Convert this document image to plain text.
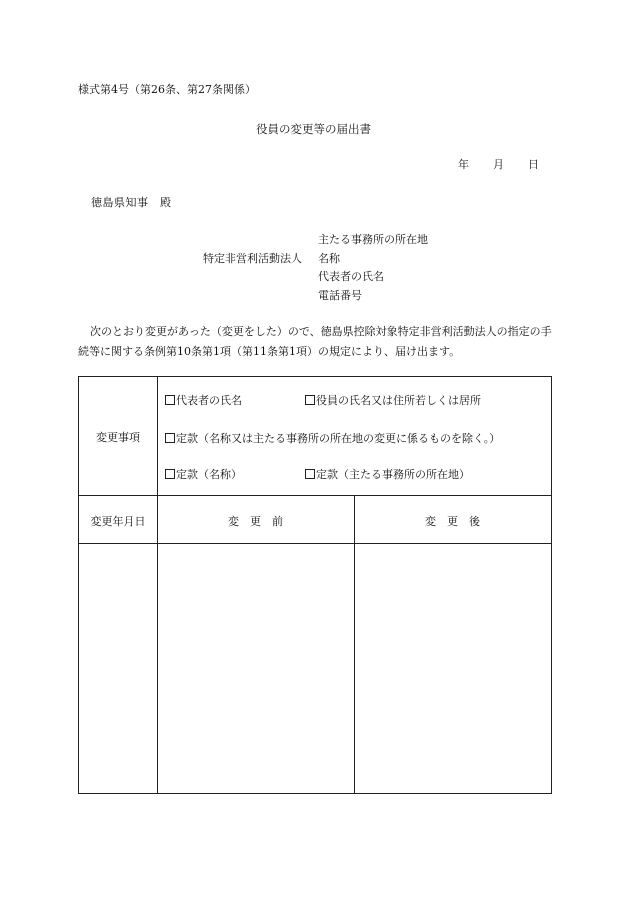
様式第4号（第26条、第27条関係）
役員の変更等の届出書
年 月 日
徳島県知事　殿
特定非営利活動法人
主たる事務所の所在地
名称
代表者の氏名
電話番号
次のとおり変更があった（変更をした）ので、徳島県控除対象特定非営利活動法人の指定の手続等に関する条例第10条第1項（第11条第1項）の規定により、届け出ます。
変更事項
代表者の氏名	役員の氏名又は住所若しくは居所
定款（名称又は主たる事務所の所在地の変更に係るものを除く。）
定款（名称）	定款（主たる事務所の所在地）
変更年月日	変　更　前	変　更　後
